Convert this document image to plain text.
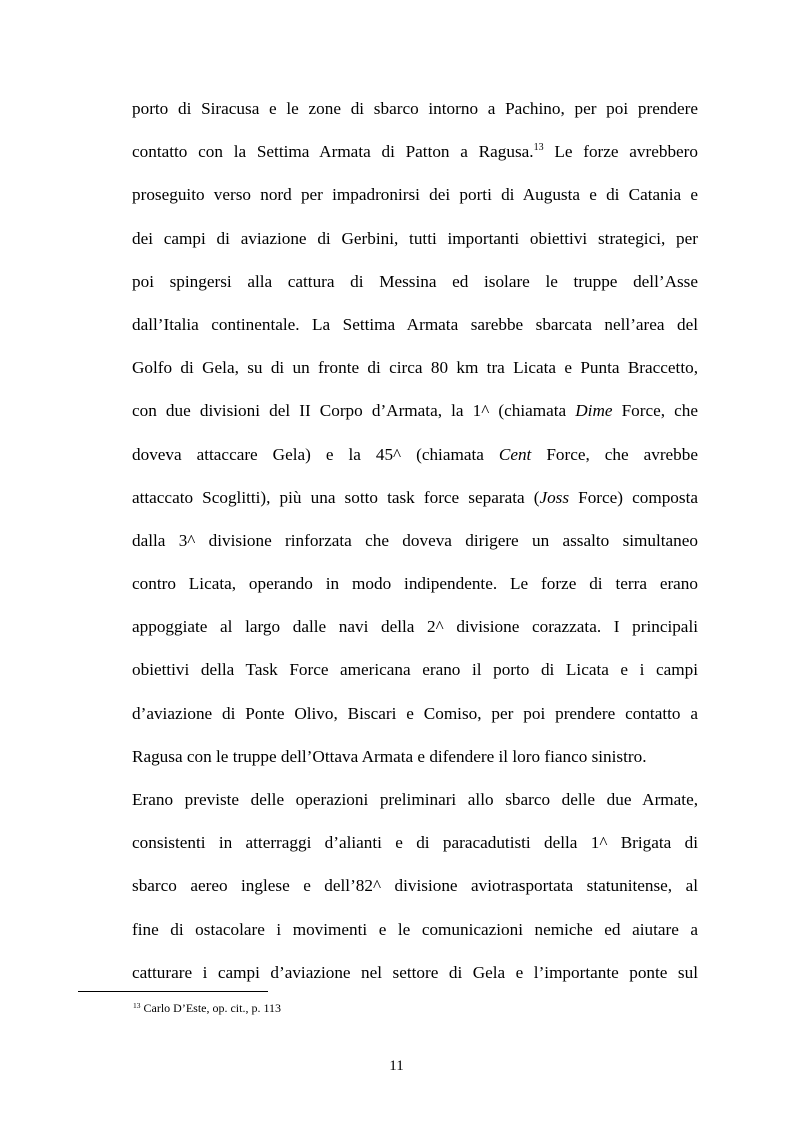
porto di Siracusa e le zone di sbarco intorno a Pachino, per poi prendere
contatto con la Settima Armata di Patton a Ragusa.$^{13}$ Le forze avrebbero
proseguito verso nord per impadronirsi dei porti di Augusta e di Catania e
dei campi di aviazione di Gerbini, tutti importanti obiettivi strategici, per
poi spingersi alla cattura di Messina ed isolare le truppe dell’Asse
dall’Italia continentale. La Settima Armata sarebbe sbarcata nell’area del
Golfo di Gela, su di un fronte di circa 80 km tra Licata e Punta Braccetto,
con due divisioni del II Corpo d’Armata, la 1^ (chiamata Dime Force, che
doveva attaccare Gela) e la 45^ (chiamata Cent Force, che avrebbe
attaccato Scoglitti), più una sotto task force separata (Joss Force) composta
dalla 3^ divisione rinforzata che doveva dirigere un assalto simultaneo
contro Licata, operando in modo indipendente. Le forze di terra erano
appoggiate al largo dalle navi della 2^ divisione corazzata. I principali
obiettivi della Task Force americana erano il porto di Licata e i campi
d’aviazione di Ponte Olivo, Biscari e Comiso, per poi prendere contatto a
Ragusa con le truppe dell’Ottava Armata e difendere il loro fianco sinistro.
Erano previste delle operazioni preliminari allo sbarco delle due Armate,
consistenti in atterraggi d’alianti e di paracadutisti della 1^ Brigata di
sbarco aereo inglese e dell’82^ divisione aviotrasportata statunitense, al
fine di ostacolare i movimenti e le comunicazioni nemiche ed aiutare a
catturare i campi d’aviazione nel settore di Gela e l’importante ponte sul
$^{13}$ Carlo D’Este, op. cit., p. 113
11
